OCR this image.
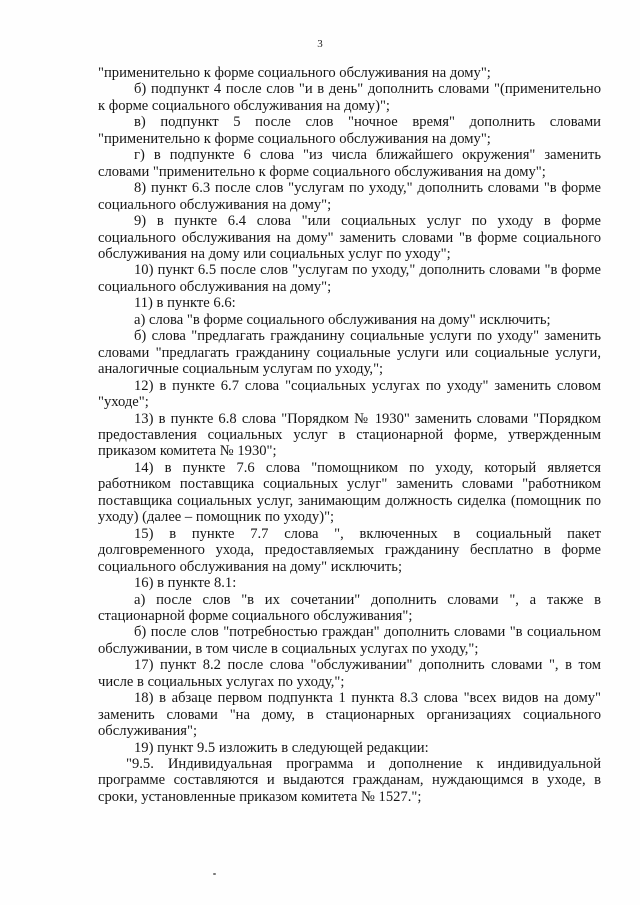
3

"применительно к форме социального обслуживания на дому";

б) подпункт 4 после слов "и в день" дополнить словами "(применительно к форме социального обслуживания на дому)";

в) подпункт 5 после слов "ночное время" дополнить словами "применительно к форме социального обслуживания на дому";

г) в подпункте 6 слова "из числа ближайшего окружения" заменить словами "применительно к форме социального обслуживания на дому";

8) пункт 6.3 после слов "услугам по уходу," дополнить словами "в форме социального обслуживания на дому";

9) в пункте 6.4 слова "или социальных услуг по уходу в форме социального обслуживания на дому" заменить словами "в форме социального обслуживания на дому или социальных услуг по уходу";

10) пункт 6.5 после слов "услугам по уходу," дополнить словами "в форме социального обслуживания на дому";

11) в пункте 6.6:

а) слова "в форме социального обслуживания на дому" исключить;

б) слова "предлагать гражданину социальные услуги по уходу" заменить словами "предлагать гражданину социальные услуги или социальные услуги, аналогичные социальным услугам по уходу,";

12) в пункте 6.7 слова "социальных услугах по уходу" заменить словом "уходе";

13) в пункте 6.8 слова "Порядком № 1930" заменить словами "Порядком предоставления социальных услуг в стационарной форме, утвержденным приказом комитета № 1930";

14) в пункте 7.6 слова "помощником по уходу, который является работником поставщика социальных услуг" заменить словами "работником поставщика социальных услуг, занимающим должность сиделка (помощник по уходу) (далее – помощник по уходу)";

15) в пункте 7.7 слова ", включенных в социальный пакет долговременного ухода, предоставляемых гражданину бесплатно в форме социального обслуживания на дому" исключить;

16) в пункте 8.1:

а) после слов "в их сочетании" дополнить словами ", а также в стационарной форме социального обслуживания";

б) после слов "потребностью граждан" дополнить словами "в социальном обслуживании, в том числе в социальных услугах по уходу,";

17) пункт 8.2 после слова "обслуживании" дополнить словами ", в том числе в социальных услугах по уходу,";

18) в абзаце первом подпункта 1 пункта 8.3 слова "всех видов на дому" заменить словами "на дому, в стационарных организациях социального обслуживания";

19) пункт 9.5 изложить в следующей редакции:

"9.5. Индивидуальная программа и дополнение к индивидуальной программе составляются и выдаются гражданам, нуждающимся в уходе, в сроки, установленные приказом комитета № 1527.";
